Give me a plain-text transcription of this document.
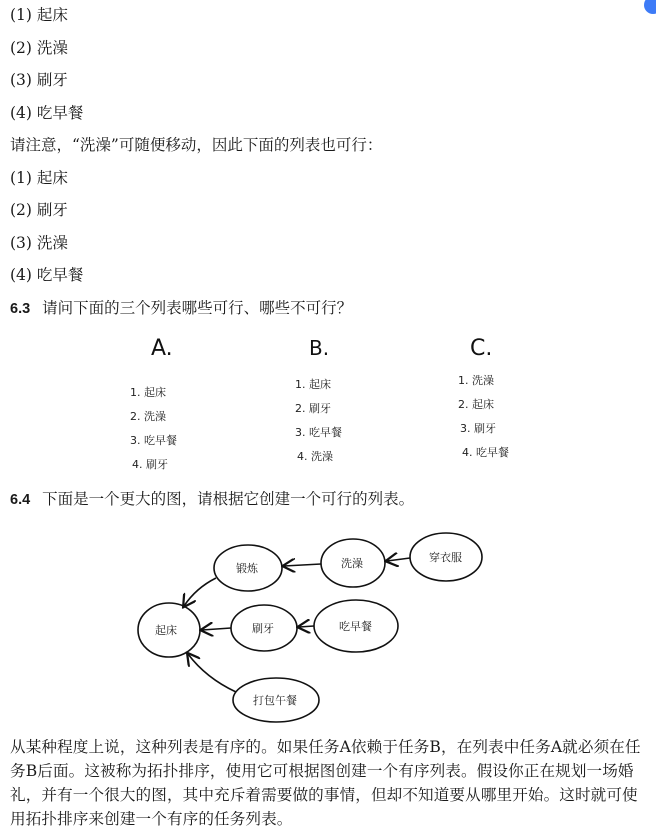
(1) 起床
(2) 洗澡
(3) 刷牙
(4) 吃早餐
请注意，“洗澡”可随便移动，因此下面的列表也可行：
(1) 起床
(2) 刷牙
(3) 洗澡
(4) 吃早餐
6.3 请问下面的三个列表哪些可行、哪些不可行？
A.
1. 起床
2. 洗澡
3. 吃早餐
4. 刷牙
B.
1. 起床
2. 刷牙
3. 吃早餐
4. 洗澡
C.
1. 洗澡
2. 起床
3. 刷牙
4. 吃早餐
6.4 下面是一个更大的图，请根据它创建一个可行的列表。
起床
锻炼	洗澡	穿衣服
刷牙	吃早餐
打包午餐
从某种程度上说，这种列表是有序的。如果任务A依赖于任务B，在列表中任务A就必须在任务B后面。这被称为拓扑排序，使用它可根据图创建一个有序列表。假设你正在规划一场婚礼，并有一个很大的图，其中充斥着需要做的事情，但却不知道要从哪里开始。这时就可使用拓扑排序来创建一个有序的任务列表。
